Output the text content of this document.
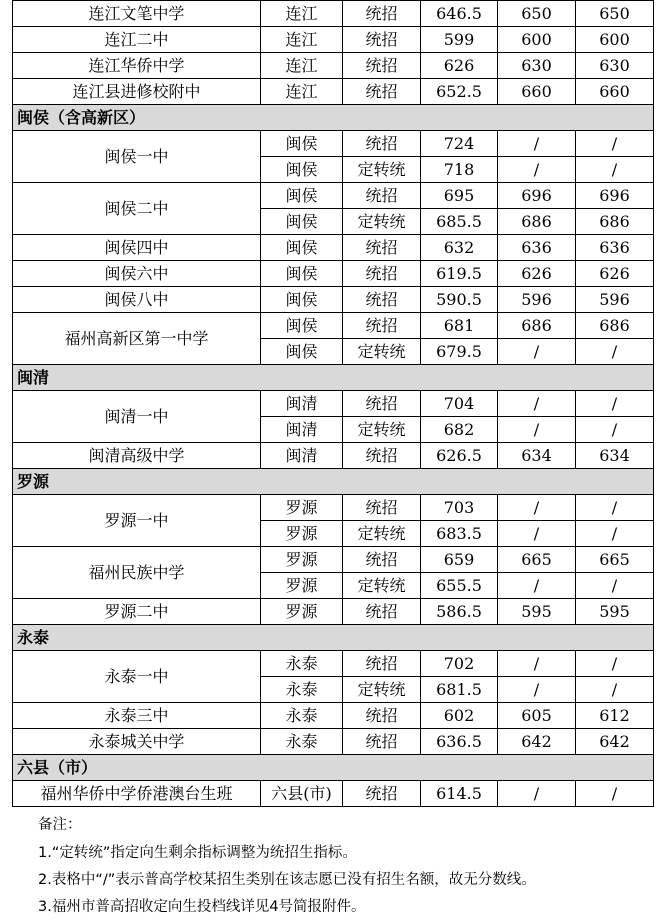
连江文笔中学	连江	统招	646.5	650	650
连江二中	连江	统招	599	600	600
连江华侨中学	连江	统招	626	630	630
连江县进修校附中	连江	统招	652.5	660	660
闽侯（含高新区）					
闽侯一中	闽侯	统招	724	/	/
	闽侯	定转统	718	/	/
闽侯二中	闽侯	统招	695	696	696
	闽侯	定转统	685.5	686	686
闽侯四中	闽侯	统招	632	636	636
闽侯六中	闽侯	统招	619.5	626	626
闽侯八中	闽侯	统招	590.5	596	596
福州高新区第一中学	闽侯	统招	681	686	686
	闽侯	定转统	679.5	/	/
闽清					
闽清一中	闽清	统招	704	/	/
	闽清	定转统	682	/	/
闽清高级中学	闽清	统招	626.5	634	634
罗源					
罗源一中	罗源	统招	703	/	/
	罗源	定转统	683.5	/	/
福州民族中学	罗源	统招	659	665	665
	罗源	定转统	655.5	/	/
罗源二中	罗源	统招	586.5	595	595
永泰					
永泰一中	永泰	统招	702	/	/
	永泰	定转统	681.5	/	/
永泰三中	永泰	统招	602	605	612
永泰城关中学	永泰	统招	636.5	642	642
六县（市）					
福州华侨中学侨港澳台生班	六县(市)	统招	614.5	/	/
备注：
1.“定转统”指定向生剩余指标调整为统招生指标。
2.表格中“/”表示普高学校某招生类别在该志愿已没有招生名额，故无分数线。
3.福州市普高招收定向生投档线详见4号简报附件。
